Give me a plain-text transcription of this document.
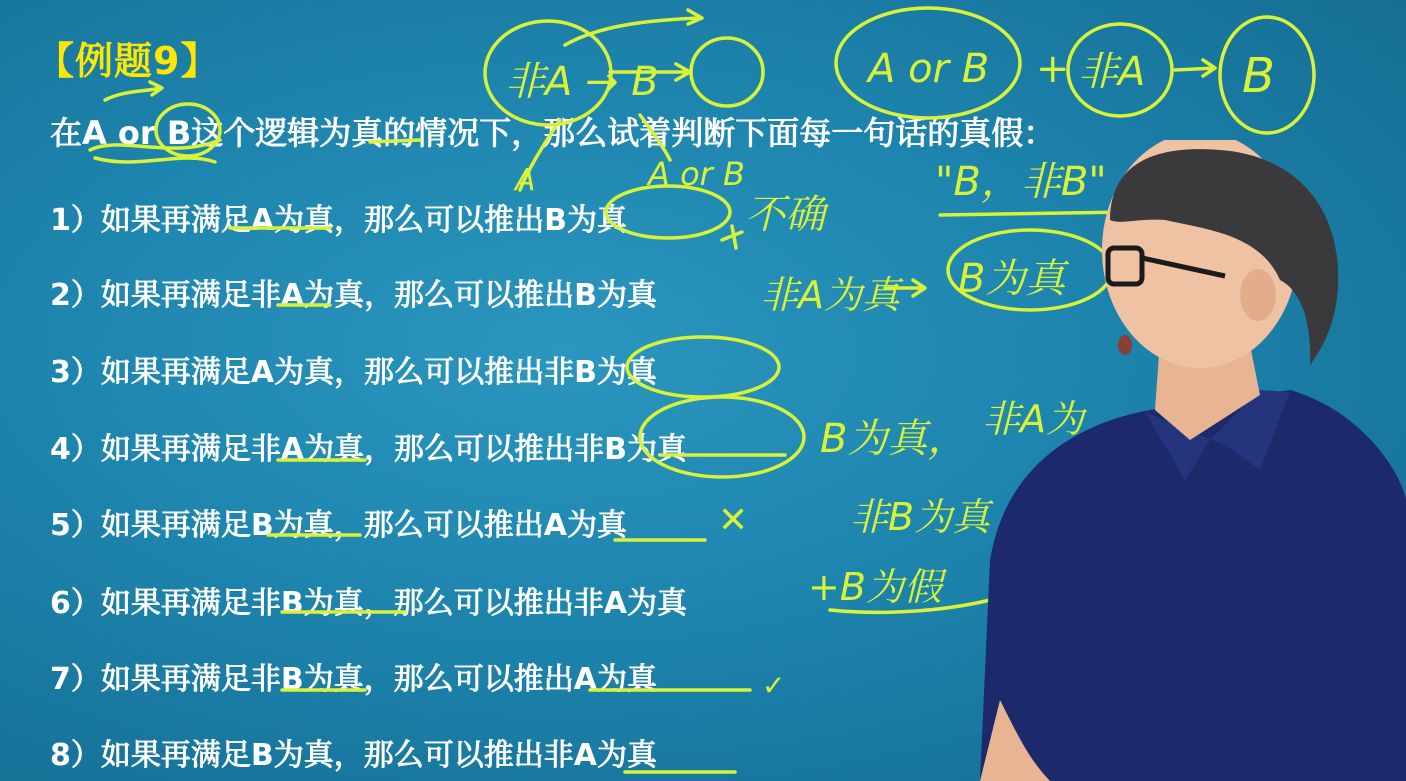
【例题9】
在A or B这个逻辑为真的情况下，那么试着判断下面每一句话的真假：
1）如果再满足A为真，那么可以推出B为真
2）如果再满足非A为真，那么可以推出B为真
3）如果再满足A为真，那么可以推出非B为真
4）如果再满足非A为真，那么可以推出非B为真
5）如果再满足B为真，那么可以推出A为真
6）如果再满足非B为真，那么可以推出非A为真
7）如果再满足非B为真，那么可以推出A为真
8）如果再满足B为真，那么可以推出非A为真
非A → B
A	A or B
A or B + 非A B
"B，非B"
不确
非A为真 B为真
B为真， 非A为
非B为真
+B为假
✕
✓
